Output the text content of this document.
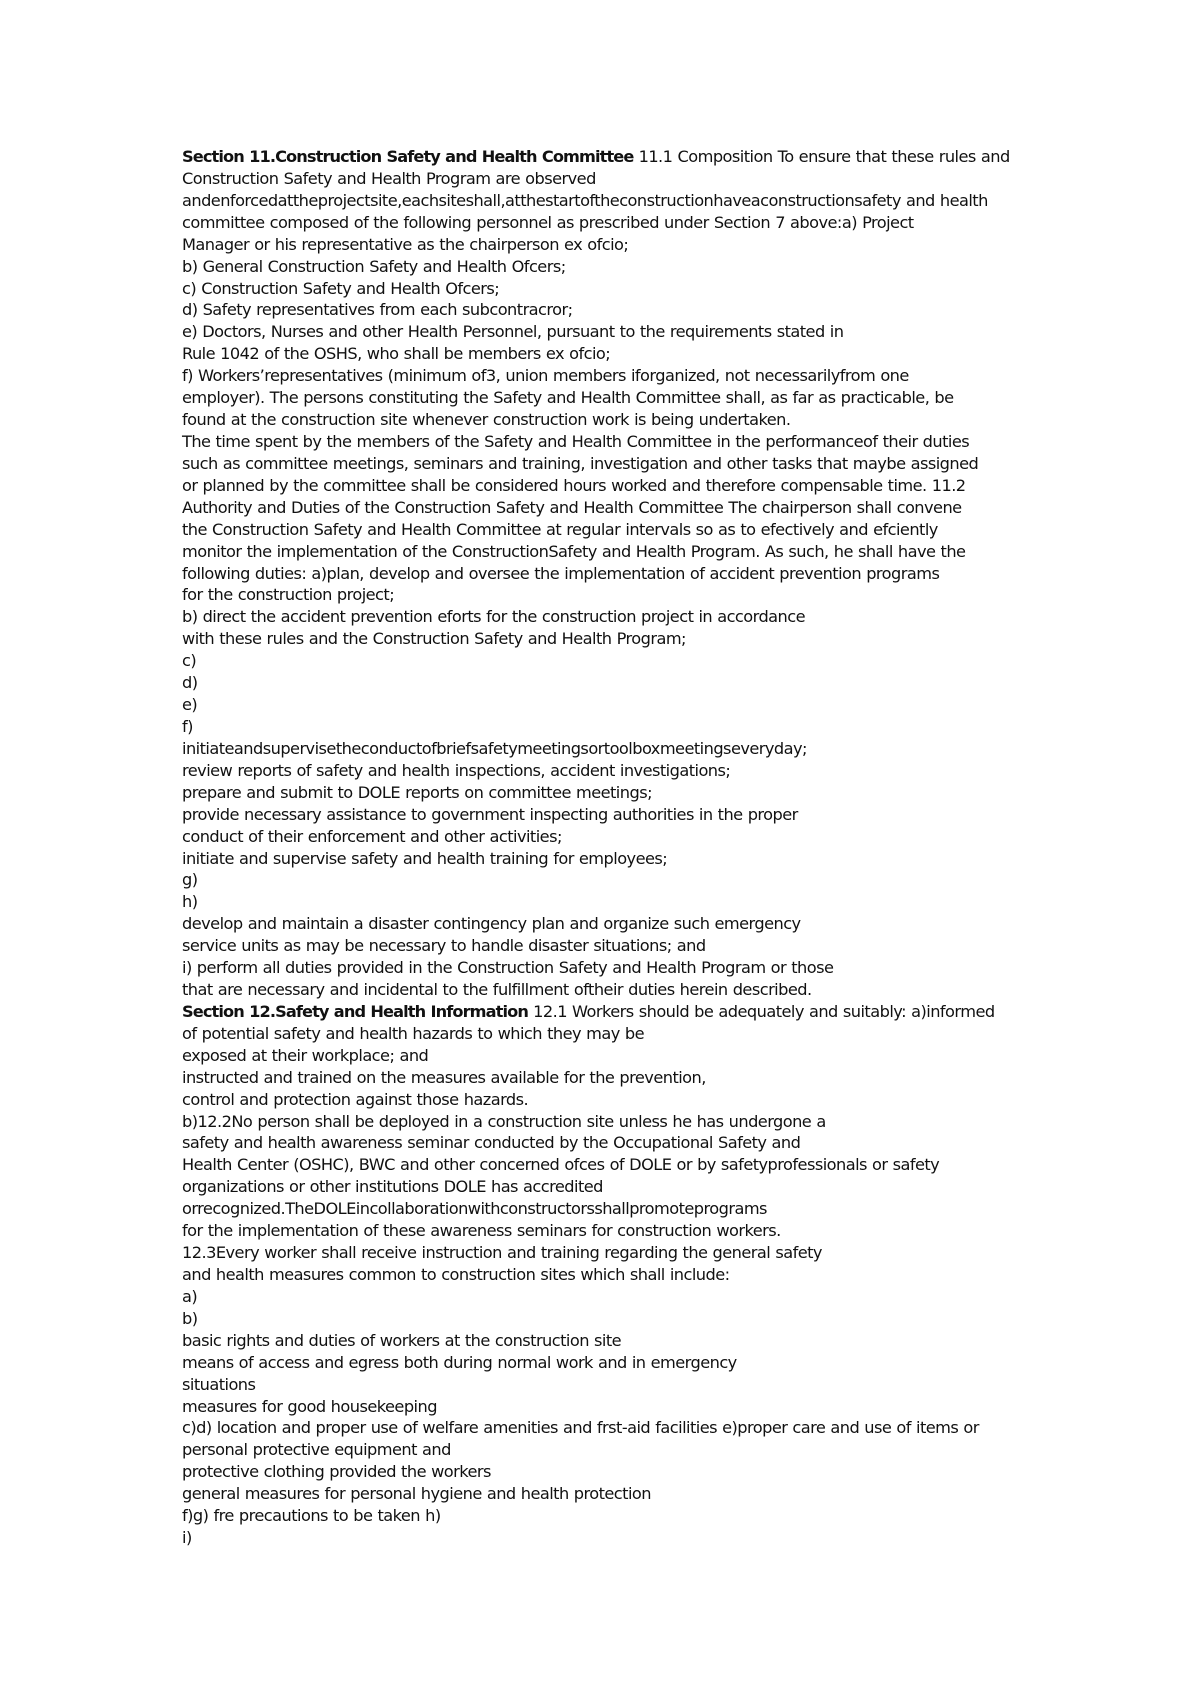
Section 11.Construction Safety and Health Committee 11.1 Composition To ensure that these rules and
Construction Safety and Health Program are observed
andenforcedattheprojectsite,eachsiteshall,atthestartoftheconstructionhaveaconstructionsafety and health
committee composed of the following personnel as prescribed under Section 7 above:a) Project
Manager or his representative as the chairperson ex ofcio;
b) General Construction Safety and Health Ofcers;
c) Construction Safety and Health Ofcers;
d) Safety representatives from each subcontracror;
e) Doctors, Nurses and other Health Personnel, pursuant to the requirements stated in
Rule 1042 of the OSHS, who shall be members ex ofcio;
f) Workers’representatives (minimum of3, union members iforganized, not necessarilyfrom one
employer). The persons constituting the Safety and Health Committee shall, as far as practicable, be
found at the construction site whenever construction work is being undertaken.
The time spent by the members of the Safety and Health Committee in the performanceof their duties
such as committee meetings, seminars and training, investigation and other tasks that maybe assigned
or planned by the committee shall be considered hours worked and therefore compensable time. 11.2
Authority and Duties of the Construction Safety and Health Committee The chairperson shall convene
the Construction Safety and Health Committee at regular intervals so as to efectively and efciently
monitor the implementation of the ConstructionSafety and Health Program. As such, he shall have the
following duties: a)plan, develop and oversee the implementation of accident prevention programs
for the construction project;
b) direct the accident prevention eforts for the construction project in accordance
with these rules and the Construction Safety and Health Program;
c)
d)
e)
f)
initiateandsupervisetheconductofbriefsafetymeetingsortoolboxmeetingseveryday;
review reports of safety and health inspections, accident investigations;
prepare and submit to DOLE reports on committee meetings;
provide necessary assistance to government inspecting authorities in the proper
conduct of their enforcement and other activities;
initiate and supervise safety and health training for employees;
g)
h)
develop and maintain a disaster contingency plan and organize such emergency
service units as may be necessary to handle disaster situations; and
i) perform all duties provided in the Construction Safety and Health Program or those
that are necessary and incidental to the fulfillment oftheir duties herein described.
Section 12.Safety and Health Information 12.1 Workers should be adequately and suitably: a)informed
of potential safety and health hazards to which they may be
exposed at their workplace; and
instructed and trained on the measures available for the prevention,
control and protection against those hazards.
b)12.2No person shall be deployed in a construction site unless he has undergone a
safety and health awareness seminar conducted by the Occupational Safety and
Health Center (OSHC), BWC and other concerned ofces of DOLE or by safetyprofessionals or safety
organizations or other institutions DOLE has accredited
orrecognized.TheDOLEincollaborationwithconstructorsshallpromoteprograms
for the implementation of these awareness seminars for construction workers.
12.3Every worker shall receive instruction and training regarding the general safety
and health measures common to construction sites which shall include:
a)
b)
basic rights and duties of workers at the construction site
means of access and egress both during normal work and in emergency
situations
measures for good housekeeping
c)d) location and proper use of welfare amenities and frst-aid facilities e)proper care and use of items or
personal protective equipment and
protective clothing provided the workers
general measures for personal hygiene and health protection
f)g) fre precautions to be taken h)
i)
